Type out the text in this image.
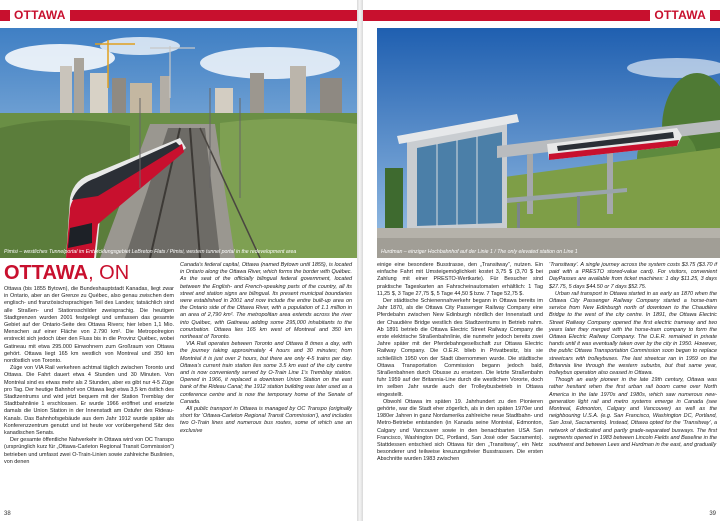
OTTAWA
Pimisi – westliches Tunnelportal im Entwicklungsgebiet LeBreton Flats / Pimisi, western tunnel portal in the redevelopment area
OTTAWA, ON

Ottawa (bis 1855 Bytown), die Bundeshauptstadt Kanadas, liegt zwar in Ontario, aber an der Grenze zu Québec, also genau zwischen dem englisch- und französischsprachigen Teil des Landes; tatsächlich sind alle Straßen- und Stationsschilder zweisprachig. Die heutigen Stadtgrenzen wurden 2001 festgelegt und umfassen das gesamte Gebiet auf der Ontario-Seite des Ottawa Rivers; hier leben 1,1 Mio. Menschen auf einer Fläche von 2.790 km². Die Metropolregion erstreckt sich jedoch über den Fluss bis in die Provinz Québec, wobei Gatineau mit etwa 295.000 Einwohnern zum Großraum von Ottawa gehört. Ottawa liegt 165 km westlich von Montreal und 350 km nordöstlich von Toronto.

Züge von VIA Rail verkehren achtmal täglich zwischen Toronto und Ottawa. Die Fahrt dauert etwa 4 Stunden und 30 Minuten. Von Montréal sind es etwas mehr als 2 Stunden, aber es gibt nur 4-5 Züge pro Tag. Der heutige Bahnhof von Ottawa liegt etwa 3,5 km östlich des Stadtzentrums und wird jetzt bequem mit der Station Tremblay der Stadtbahnlinie 1 erschlossen. Er wurde 1966 eröffnet und ersetzte damals die Union Station in der Innenstadt am Ostufer des Rideau-Kanals. Das Bahnhofsgebäude aus dem Jahr 1912 wurde später als Konferenzzentrum genutzt und ist heute vor vorübergehend Sitz des kanadischen Senats.

Der gesamte öffentliche Nahverkehr in Ottawa wird von OC Transpo (ursprünglich kurz für „Ottawa-Carleton Regional Transit Commission“) betrieben und umfasst zwei O-Train-Linien sowie zahlreiche Buslinien, von denen

Canada’s federal capital, Ottawa (named Bytown until 1855), is located in Ontario along the Ottawa River, which forms the border with Québec. As the seat of the officially bilingual federal government, located between the English- and French-speaking parts of the country, all its street and station signs are bilingual. Its present municipal boundaries were established in 2001 and now include the entire built-up area on the Ontario side of the Ottawa River, with a population of 1.1 million in an area of 2,790 km². The metropolitan area extends across the river into Québec, with Gatineau adding some 295,000 inhabitants to the conurbation. Ottawa lies 165 km west of Montreal and 350 km northeast of Toronto.

VIA Rail operates between Toronto and Ottawa 8 times a day, with the journey taking approximately 4 hours and 30 minutes; from Montréal it is just over 2 hours, but there are only 4-5 trains per day. Ottawa’s current train station lies some 3.5 km east of the city centre and is now conveniently served by O-Train Line 1’s Tremblay station. Opened in 1966, it replaced a downtown Union Station on the east bank of the Rideau Canal; the 1912 station building was later used as a conference centre and is now the temporary home of the Senate of Canada.

All public transport in Ottawa is managed by OC Transpo (originally short for ‘Ottawa-Carleton Regional Transit Commission’), and includes two O-Train lines and numerous bus routes, some of which use an exclusive

38
OTTAWA
Hurdman – einziger Hochbahnhof auf der Linie 1 / The only elevated station on Line 1

einige eine besondere Busstrasse, den „Transitway“, nutzen. Ein einfache Fahrt mit Umsteigemöglichkeit kostet 3,75 $ (3,70 $ bei Zahlung mit einer PRESTO-Wertkarte). Für Besucher sind praktische Tageskarten an Fahrscheinautomaten erhältlich: 1 Tag 11,25 $, 3 Tage 27,75 $, 5 Tage 44,50 $ bzw. 7 Tage 52,75 $.

Der städtische Schienennahverkehr begann in Ottawa bereits im Jahr 1870, als die Ottawa City Passenger Railway Company eine Pferdebahn zwischen New Edinburgh nördlich der Innenstadt und der Chaudière Bridge westlich des Stadtzentrums in Betrieb nahm. Ab 1891 betrieb die Ottawa Electric Street Railway Company die erste elektrische Straßenbahnlinie, die nunmehr jedoch bereits zwei Jahre später mit der Pferdebahngesellschaft zur Ottawa Electric Railway Company. Die O.E.R. blieb in Privatbesitz, bis sie schließlich 1950 von der Stadt übernommen wurde. Die städtische Ottawa Transportation Commission begann jedoch bald, Straßenbahnen durch Obusse zu ersetzen. Die letzte Straßenbahn fuhr 1959 auf der Britannia-Line durch die westlichen Vororte, doch im selben Jahr wurde auch der Trolleybusbetrieb in Ottawa eingestellt.

Obwohl Ottawa im späten 19. Jahrhundert zu den Pionieren gehörte, war die Stadt eher zögerlich, als in den späten 1970er und 1980er Jahren in ganz Nordamerika zahlreiche neue Stadtbahn- und Metro-Betriebe entstanden (in Kanada seine Montréal, Edmonton, Calgary und Vancouver sowie in den benachbarten USA San Francisco, Washington DC, Portland, San José oder Sacramento). Stattdessen entschied sich Ottawa für den „Transitway“, ein Netz besonderer und teilweise kreuzungsfreier Busstrassen. Die ersten Abschnitte wurden 1983 zwischen

‘Transitway’. A single journey across the system costs $3.75 ($3.70 if paid with a PRESTO stored-value card). For visitors, convenient DayPasses are available from ticket machines: 1 day $11.25, 3 days $27.75, 5 days $44.50 or 7 days $52.75.

Urban rail transport in Ottawa started in as early as 1870 when the Ottawa City Passenger Railway Company started a horse-tram service from New Edinburgh north of downtown to the Chaudière Bridge to the west of the city centre. In 1891, the Ottawa Electric Street Railway Company opened the first electric tramway and two years later they merged with the horse-tram company to form the Ottawa Electric Railway Company. The O.E.R. remained in private hands until it was eventually taken over by the city in 1950. However, the public Ottawa Transportation Commission soon began to replace streetcars with trolleybuses. The last streetcar ran in 1959 on the Britannia line through the western suburbs, but that same year, trolleybus operation also ceased in Ottawa.

Though an early pioneer in the late 19th century, Ottawa was rather hesitant when the first urban rail boom came over North America in the late 1970s and 1980s, which saw numerous new-generation light rail and metro systems emerge in Canada (see Montreal, Edmonton, Calgary and Vancouver) as well as the neighbouring U.S.A. (e.g. San Francisco, Washington DC, Portland, San José, Sacramento). Instead, Ottawa opted for the ‘Transitway’, a network of dedicated and partly grade-separated busways. The first segments opened in 1983 between Lincoln Fields and Baseline in the southwest and between Lees and Hurdman in the east, and gradually

39
